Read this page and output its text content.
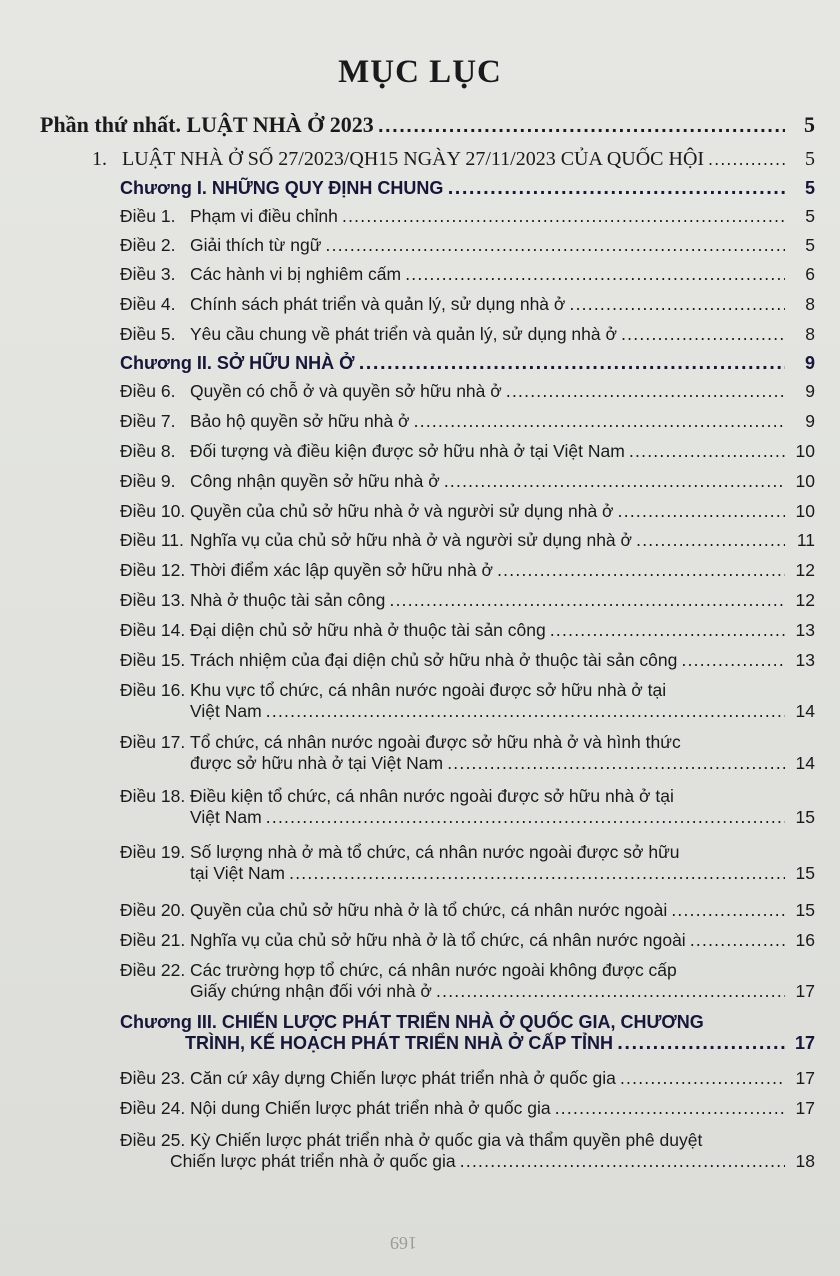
MỤC LỤC
Phần thứ nhất. LUẬT NHÀ Ở 2023 .....	5
1. LUẬT NHÀ Ở SỐ 27/2023/QH15 NGÀY 27/11/2023 CỦA QUỐC HỘI .....	5
Chương I. NHỮNG QUY ĐỊNH CHUNG .....	5
Điều 1. Phạm vi điều chỉnh .....	5
Điều 2. Giải thích từ ngữ .....	5
Điều 3. Các hành vi bị nghiêm cấm .....	6
Điều 4. Chính sách phát triển và quản lý, sử dụng nhà ở .....	8
Điều 5. Yêu cầu chung về phát triển và quản lý, sử dụng nhà ở .....	8
Chương II. SỞ HỮU NHÀ Ở .....	9
Điều 6. Quyền có chỗ ở và quyền sở hữu nhà ở .....	9
Điều 7. Bảo hộ quyền sở hữu nhà ở .....	9
Điều 8. Đối tượng và điều kiện được sở hữu nhà ở tại Việt Nam .....	10
Điều 9. Công nhận quyền sở hữu nhà ở .....	10
Điều 10. Quyền của chủ sở hữu nhà ở và người sử dụng nhà ở .....	10
Điều 11. Nghĩa vụ của chủ sở hữu nhà ở và người sử dụng nhà ở .....	11
Điều 12. Thời điểm xác lập quyền sở hữu nhà ở .....	12
Điều 13. Nhà ở thuộc tài sản công .....	12
Điều 14. Đại diện chủ sở hữu nhà ở thuộc tài sản công .....	13
Điều 15. Trách nhiệm của đại diện chủ sở hữu nhà ở thuộc tài sản công .....	13
Điều 16. Khu vực tổ chức, cá nhân nước ngoài được sở hữu nhà ở tại
Việt Nam .....	14
Điều 17. Tổ chức, cá nhân nước ngoài được sở hữu nhà ở và hình thức
được sở hữu nhà ở tại Việt Nam .....	14
Điều 18. Điều kiện tổ chức, cá nhân nước ngoài được sở hữu nhà ở tại
Việt Nam .....	15
Điều 19. Số lượng nhà ở mà tổ chức, cá nhân nước ngoài được sở hữu
tại Việt Nam .....	15
Điều 20. Quyền của chủ sở hữu nhà ở là tổ chức, cá nhân nước ngoài .....	15
Điều 21. Nghĩa vụ của chủ sở hữu nhà ở là tổ chức, cá nhân nước ngoài .....	16
Điều 22. Các trường hợp tổ chức, cá nhân nước ngoài không được cấp
Giấy chứng nhận đối với nhà ở .....	17
Chương III. CHIẾN LƯỢC PHÁT TRIỂN NHÀ Ở QUỐC GIA, CHƯƠNG
TRÌNH, KẾ HOẠCH PHÁT TRIỂN NHÀ Ở CẤP TỈNH .....	17
Điều 23. Căn cứ xây dựng Chiến lược phát triển nhà ở quốc gia .....	17
Điều 24. Nội dung Chiến lược phát triển nhà ở quốc gia .....	17
Điều 25. Kỳ Chiến lược phát triển nhà ở quốc gia và thẩm quyền phê duyệt
Chiến lược phát triển nhà ở quốc gia .....	18
169
